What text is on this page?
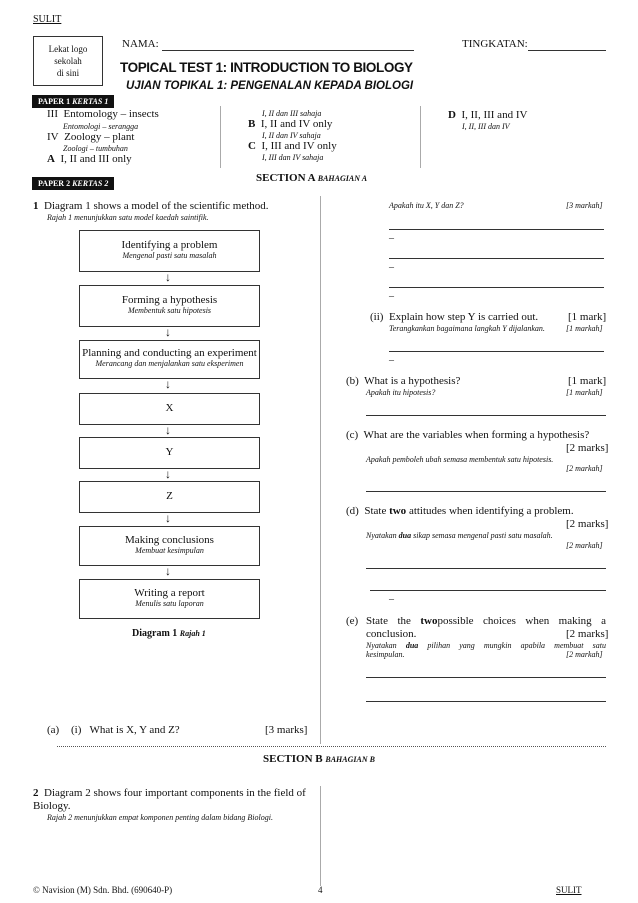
SULIT
Lekat logo
sekolah
di sini
NAMA:	TINGKATAN:
TOPICAL TEST 1: INTRODUCTION TO BIOLOGY
UJIAN TOPIKAL 1: PENGENALAN KEPADA BIOLOGI
PAPER 1 KERTAS 1
III Entomology – insects
Entomologi – serangga
IV Zoology – plant
Zoologi – tumbuhan
A I, II and III only
I, II dan III sahaja
B I, II and IV only
I, II dan IV sahaja
C I, III and IV only
I, III dan IV sahaja
D I, II, III and IV
I, II, III dan IV
PAPER 2 KERTAS 2	SECTION A BAHAGIAN A
1 Diagram 1 shows a model of the scientific method.
Rajah 1 menunjukkan satu model kaedah saintifik.
Identifying a problem
Mengenal pasti satu masalah
↓
Forming a hypothesis
Membentuk satu hipotesis
↓
Planning and conducting an experiment
Merancang dan menjalankan satu eksperimen
↓
X
↓
Y
↓
Z
↓
Making conclusions
Membuat kesimpulan
↓
Writing a report
Menulis satu laporan
Diagram 1 Rajah 1
(a) (i) What is X, Y and Z?	[3 marks]
Apakah itu X, Y dan Z?	[3 markah]
–
–
–
(ii) Explain how step Y is carried out.	[1 mark]
Terangkankan bagaimana langkah Y dijalankan.	[1 markah]
–
(b) What is a hypothesis?	[1 mark]
Apakah itu hipotesis?	[1 markah]
(c) What are the variables when forming a hypothesis?
[2 marks]
Apakah pemboleh ubah semasa membentuk satu hipotesis.
[2 markah]
(d) State two attitudes when identifying a problem.
[2 marks]
Nyatakan dua sikap semasa mengenal pasti satu masalah.
[2 markah]
–
(e) State the twopossible choices when making a
conclusion.	[2 marks]
Nyatakan dua pilihan yang mungkin apabila membuat satu
kesimpulan.	[2 markah]
SECTION B BAHAGIAN B
2 Diagram 2 shows four important components in the field of Biology.
Rajah 2 menunjukkan empat komponen penting dalam bidang Biologi.
© Navision (M) Sdn. Bhd. (690640-P)	4	SULIT
